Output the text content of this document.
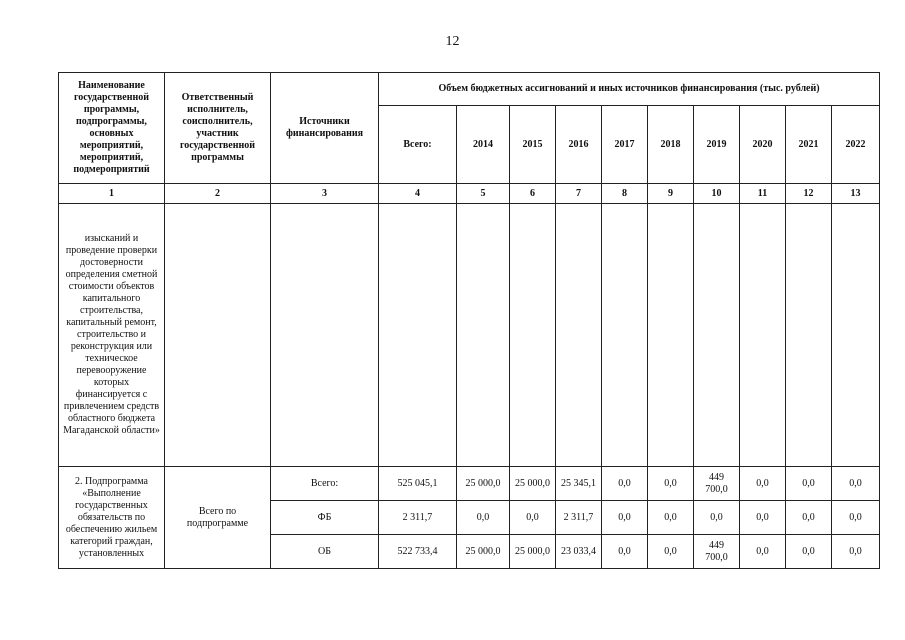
12
Наименование государственной программы, подпрограммы, основных мероприятий, мероприятий, подмероприятий	Ответственный исполнитель, соисполнитель, участник государственной программы	Источники финансирования	Объем бюджетных ассигнований и иных источников финансирования (тыс. рублей)									
			Всего:	2014	2015	2016	2017	2018	2019	2020	2021	2022
1	2	3	4	5	6	7	8	9	10	11	12	13
изысканий и проведение проверки достоверности определения сметной стоимости объектов капитального строительства, капитальный ремонт, строительство и реконструкция или техническое перевооружение которых финансируется с привлечением средств областного бюджета Магаданской области»												
2. Подпрограмма «Выполнение государственных обязательств по обеспечению жильем категорий граждан, установленных	Всего по подпрограмме	Всего:	525 045,1	25 000,0	25 000,0	25 345,1	0,0	0,0	449 700,0	0,0	0,0	0,0
		ФБ	2 311,7	0,0	0,0	2 311,7	0,0	0,0	0,0	0,0	0,0	0,0
		ОБ	522 733,4	25 000,0	25 000,0	23 033,4	0,0	0,0	449 700,0	0,0	0,0	0,0
